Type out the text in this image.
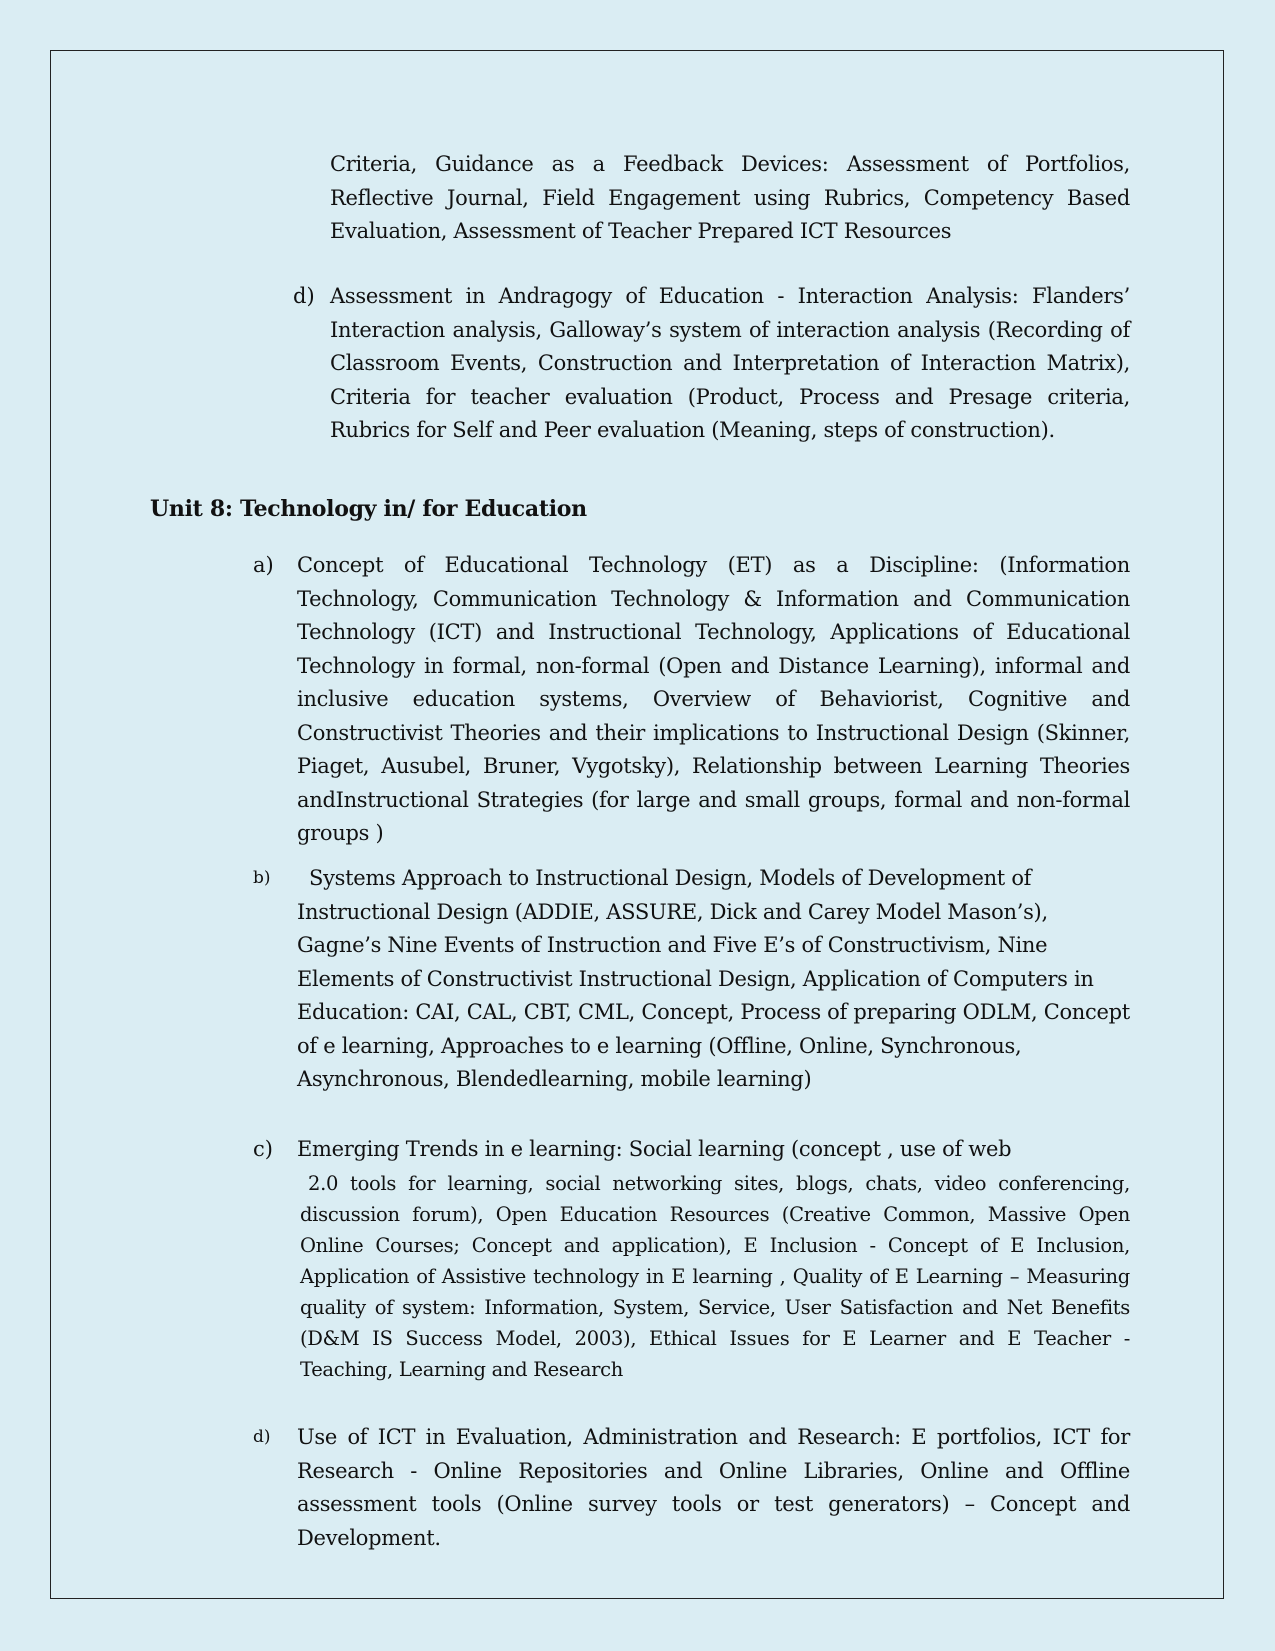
Criteria, Guidance as a Feedback Devices: Assessment of Portfolios, Reflective Journal, Field Engagement using Rubrics, Competency Based Evaluation, Assessment of Teacher Prepared ICT Resources
d) Assessment in Andragogy of Education - Interaction Analysis: Flanders’ Interaction analysis, Galloway’s system of interaction analysis (Recording of Classroom Events, Construction and Interpretation of Interaction Matrix), Criteria for teacher evaluation (Product, Process and Presage criteria, Rubrics for Self and Peer evaluation (Meaning, steps of construction).
Unit 8: Technology in/ for Education
a) Concept of Educational Technology (ET) as a Discipline: (Information Technology, Communication Technology & Information and Communication Technology (ICT) and Instructional Technology, Applications of Educational Technology in formal, non-formal (Open and Distance Learning), informal and inclusive education systems, Overview of Behaviorist, Cognitive and Constructivist Theories and their implications to Instructional Design (Skinner, Piaget, Ausubel, Bruner, Vygotsky), Relationship between Learning Theories andInstructional Strategies (for large and small groups, formal and non-formal groups )
b)	Systems Approach to Instructional Design, Models of Development of Instructional Design (ADDIE, ASSURE, Dick and Carey Model Mason’s), Gagne’s Nine Events of Instruction and Five E’s of Constructivism, Nine Elements of Constructivist Instructional Design, Application of Computers in Education: CAI, CAL, CBT, CML, Concept, Process of preparing ODLM, Concept of e learning, Approaches to e learning (Offline, Online, Synchronous, Asynchronous, Blendedlearning, mobile learning)
c) Emerging Trends in e learning: Social learning (concept , use of web
2.0 tools for learning, social networking sites, blogs, chats, video conferencing, discussion forum), Open Education Resources (Creative Common, Massive Open Online Courses; Concept and application), E Inclusion - Concept of E Inclusion, Application of Assistive technology in E learning , Quality of E Learning – Measuring quality of system: Information, System, Service, User Satisfaction and Net Benefits (D&M IS Success Model, 2003), Ethical Issues for E Learner and E Teacher -Teaching, Learning and Research
d) Use of ICT in Evaluation, Administration and Research: E portfolios, ICT for Research - Online Repositories and Online Libraries, Online and Offline assessment tools (Online survey tools or test generators) – Concept and Development.
